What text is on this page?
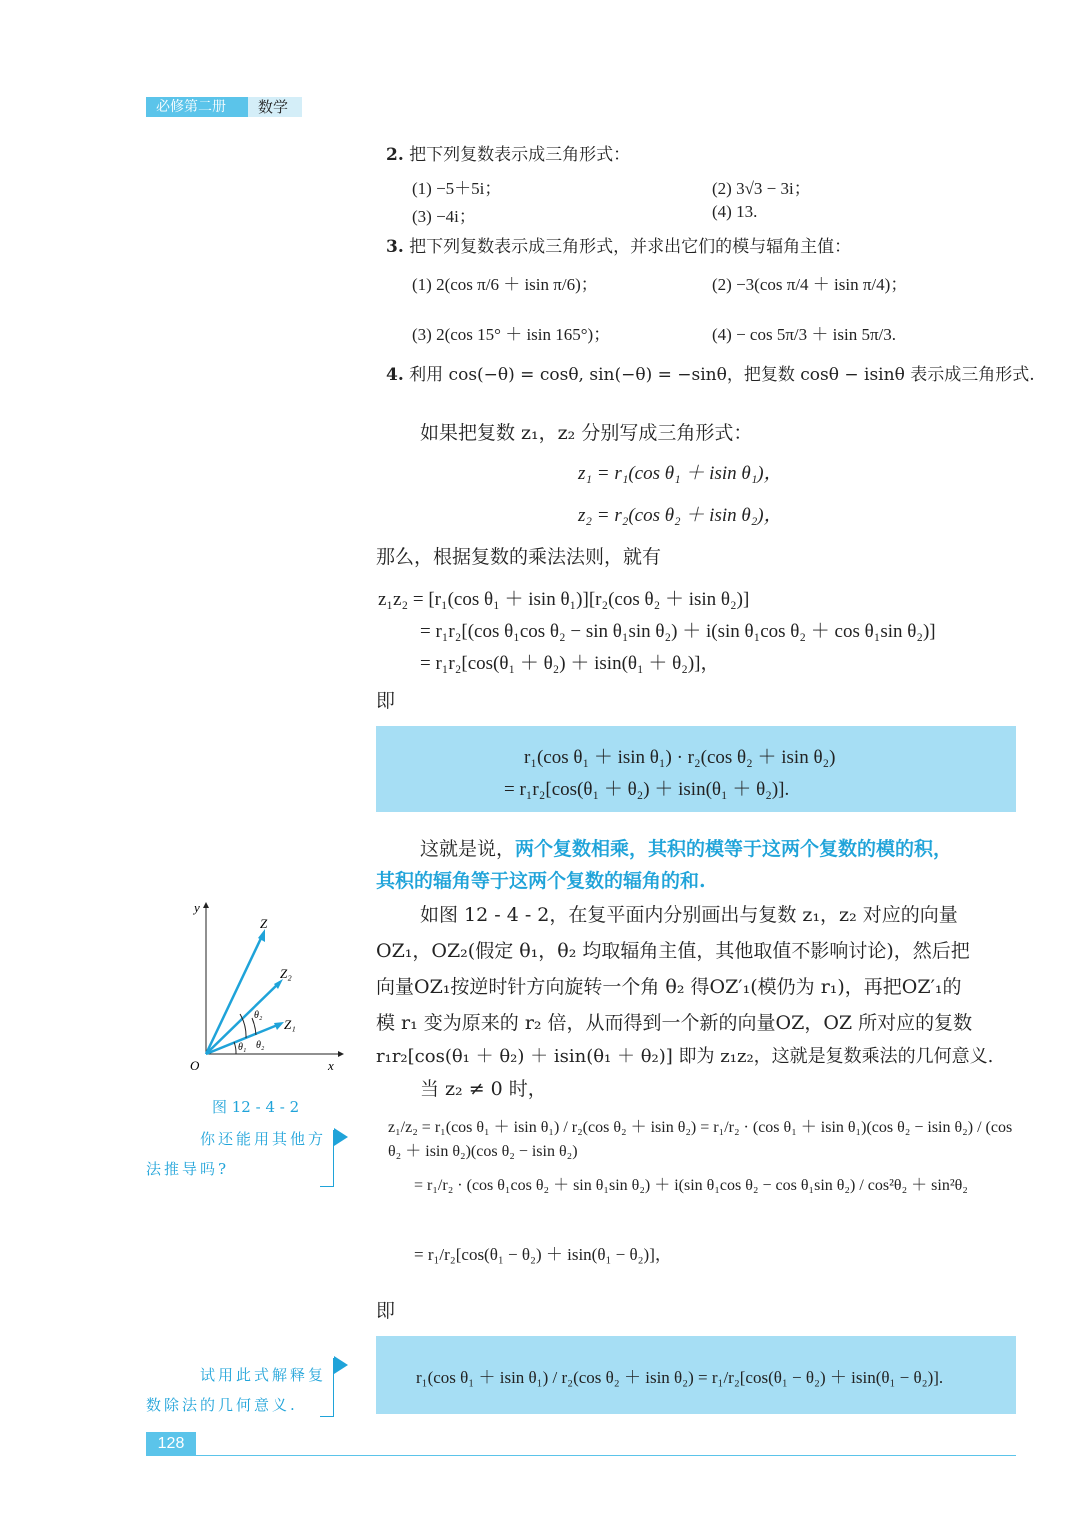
必修第二册	数学
2. 把下列复数表示成三角形式：
(1) −5＋5i；	(2) 3√3 − 3i；
(3) −4i；	(4) 13.
3. 把下列复数表示成三角形式，并求出它们的模与辐角主值：
(1) 2(cos π/6 ＋ isin π/6)；	(2) −3(cos π/4 ＋ isin π/4)；
(3) 2(cos 15° ＋ isin 165°)；	(4) − cos 5π/3 ＋ isin 5π/3.
4. 利用 cos(−θ) = cosθ, sin(−θ) = −sinθ，把复数 cosθ − isinθ 表示成三角形式.
如果把复数 z₁，z₂ 分别写成三角形式：
z₁ = r₁(cos θ₁ ＋ isin θ₁)，
z₂ = r₂(cos θ₂ ＋ isin θ₂)，
那么，根据复数的乘法法则，就有
z₁z₂ = [r₁(cos θ₁ ＋ isin θ₁)][r₂(cos θ₂ ＋ isin θ₂)]
= r₁r₂[(cos θ₁cos θ₂ − sin θ₁sin θ₂) ＋ i(sin θ₁cos θ₂ ＋ cos θ₁sin θ₂)]
= r₁r₂[cos(θ₁ ＋ θ₂) ＋ isin(θ₁ ＋ θ₂)]，
即
r₁(cos θ₁ ＋ isin θ₁) · r₂(cos θ₂ ＋ isin θ₂)
= r₁r₂[cos(θ₁ ＋ θ₂) ＋ isin(θ₁ ＋ θ₂)].
这就是说，两个复数相乘，其积的模等于这两个复数的模的积，
其积的辐角等于这两个复数的辐角的和.
如图 12 - 4 - 2，在复平面内分别画出与复数 z₁，z₂ 对应的向量
OZ₁，OZ₂(假定 θ₁，θ₂ 均取辐角主值，其他取值不影响讨论)，然后把
向量OZ₁按逆时针方向旋转一个角 θ₂ 得OZ′₁(模仍为 r₁)，再把OZ′₁的
模 r₁ 变为原来的 r₂ 倍，从而得到一个新的向量OZ，OZ 所对应的复数
r₁r₂[cos(θ₁ ＋ θ₂) ＋ isin(θ₁ ＋ θ₂)] 即为 z₁z₂，这就是复数乘法的几何意义.
当 z₂ ≠ 0 时，
z₁/z₂ = r₁(cos θ₁ ＋ isin θ₁) / r₂(cos θ₂ ＋ isin θ₂) = r₁/r₂ · (cos θ₁ ＋ isin θ₁)(cos θ₂ − isin θ₂) / (cos θ₂ ＋ isin θ₂)(cos θ₂ − isin θ₂)
= r₁/r₂ · (cos θ₁cos θ₂ ＋ sin θ₁sin θ₂) ＋ i(sin θ₁cos θ₂ − cos θ₁sin θ₂) / cos²θ₂ ＋ sin²θ₂
= r₁/r₂[cos(θ₁ − θ₂) ＋ isin(θ₁ − θ₂)]，
即
r₁(cos θ₁ ＋ isin θ₁) / r₂(cos θ₂ ＋ isin θ₂) = r₁/r₂[cos(θ₁ − θ₂) ＋ isin(θ₁ − θ₂)].
y
x
O
Z
Z₂
Z₁
θ₁
θ₂
θ₂
图 12 - 4 - 2
你还能用其他方
法推导吗?
试用此式解释复
数除法的几何意义.
128
